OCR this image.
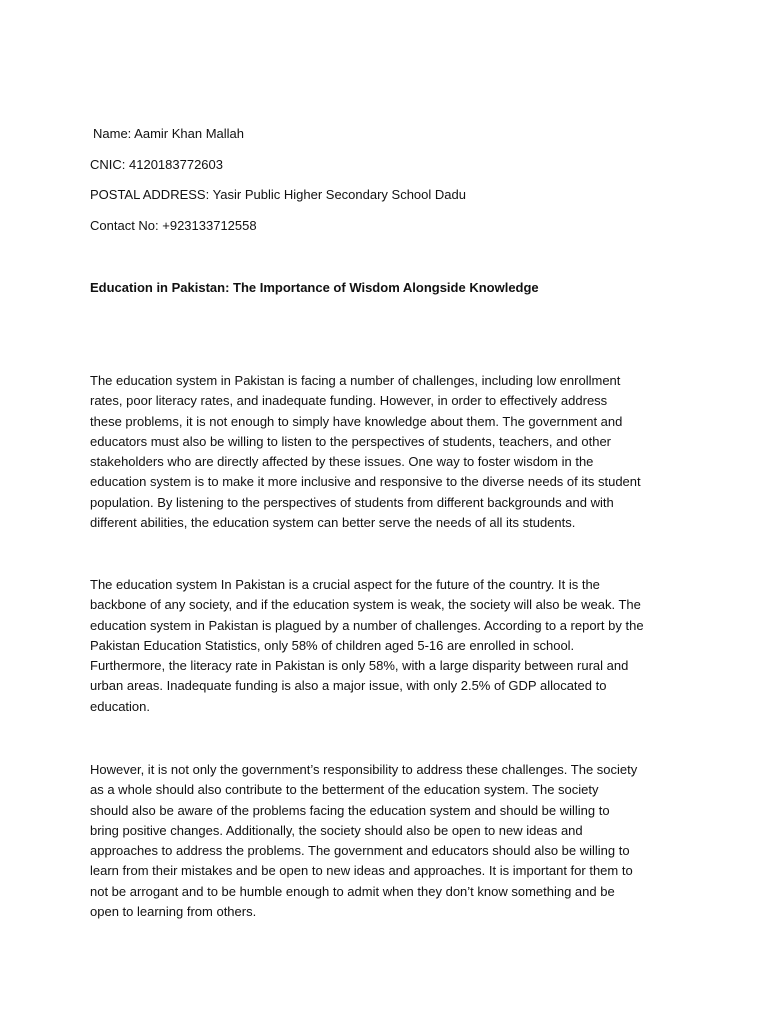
Name: Aamir Khan Mallah
CNIC: 4120183772603
POSTAL ADDRESS: Yasir Public Higher Secondary School Dadu
Contact No: +923133712558
Education in Pakistan: The Importance of Wisdom Alongside Knowledge

The education system in Pakistan is facing a number of challenges, including low enrollment
rates, poor literacy rates, and inadequate funding. However, in order to effectively address
these problems, it is not enough to simply have knowledge about them. The government and
educators must also be willing to listen to the perspectives of students, teachers, and other
stakeholders who are directly affected by these issues. One way to foster wisdom in the
education system is to make it more inclusive and responsive to the diverse needs of its student
population. By listening to the perspectives of students from different backgrounds and with
different abilities, the education system can better serve the needs of all its students.

The education system In Pakistan is a crucial aspect for the future of the country. It is the
backbone of any society, and if the education system is weak, the society will also be weak. The
education system in Pakistan is plagued by a number of challenges. According to a report by the
Pakistan Education Statistics, only 58% of children aged 5-16 are enrolled in school.
Furthermore, the literacy rate in Pakistan is only 58%, with a large disparity between rural and
urban areas. Inadequate funding is also a major issue, with only 2.5% of GDP allocated to
education.

However, it is not only the government’s responsibility to address these challenges. The society
as a whole should also contribute to the betterment of the education system. The society
should also be aware of the problems facing the education system and should be willing to
bring positive changes. Additionally, the society should also be open to new ideas and
approaches to address the problems. The government and educators should also be willing to
learn from their mistakes and be open to new ideas and approaches. It is important for them to
not be arrogant and to be humble enough to admit when they don’t know something and be
open to learning from others.
